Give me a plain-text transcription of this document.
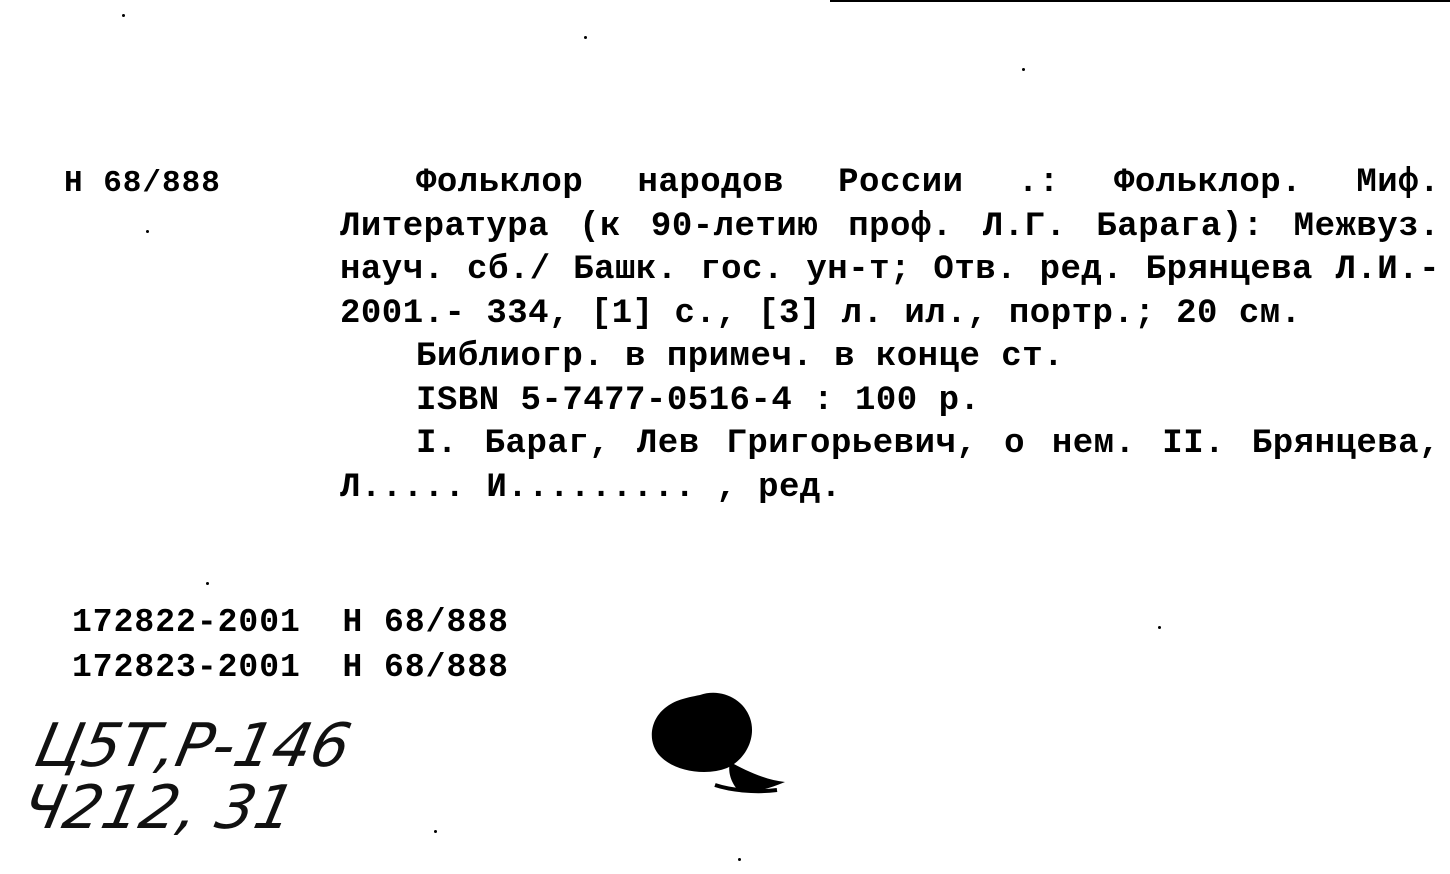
Н 68/888	Фольклор народов России .: Фольклор. Миф. Литература (к 90-летию проф. Л.Г. Барага): Межвуз. науч. сб./ Башк. гос. ун-т; Отв. ред. Брянцева Л.И.- 2001.- 334, [1] с., [3] л. ил., портр.; 20 см.

Библиогр. в примеч. в конце ст.

ISBN 5-7477-0516-4 : 100 р.

I. Бараг, Лев Григорьевич, о нем. II. Брянцева, Л..... И......... , ред.

172822-2001 Н 68/888
172823-2001 Н 68/888
Ц5Т,Р-146
Ч212, 31
